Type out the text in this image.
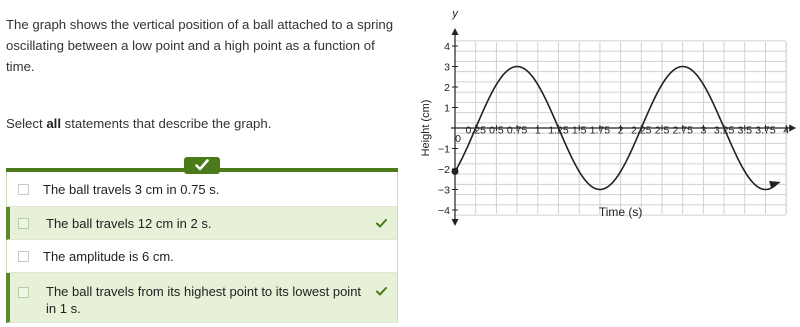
The graph shows the vertical position of a ball attached to a spring oscillating between a low point and a high point as a function of time.
Select all statements that describe the graph.
The ball travels 3 cm in 0.75 s.
The ball travels 12 cm in 2 s.
The amplitude is 6 cm.
The ball travels from its highest point to its lowest point in 1 s.
0.25 0.5 0.75 1 1.25 1.5 1.75 2 2.25 2.5 2.75 3 3.25 3.5 3.75 4
4
3
2
1
−1
−2
−3
−4
0
Height (cm)
Time (s)
y
